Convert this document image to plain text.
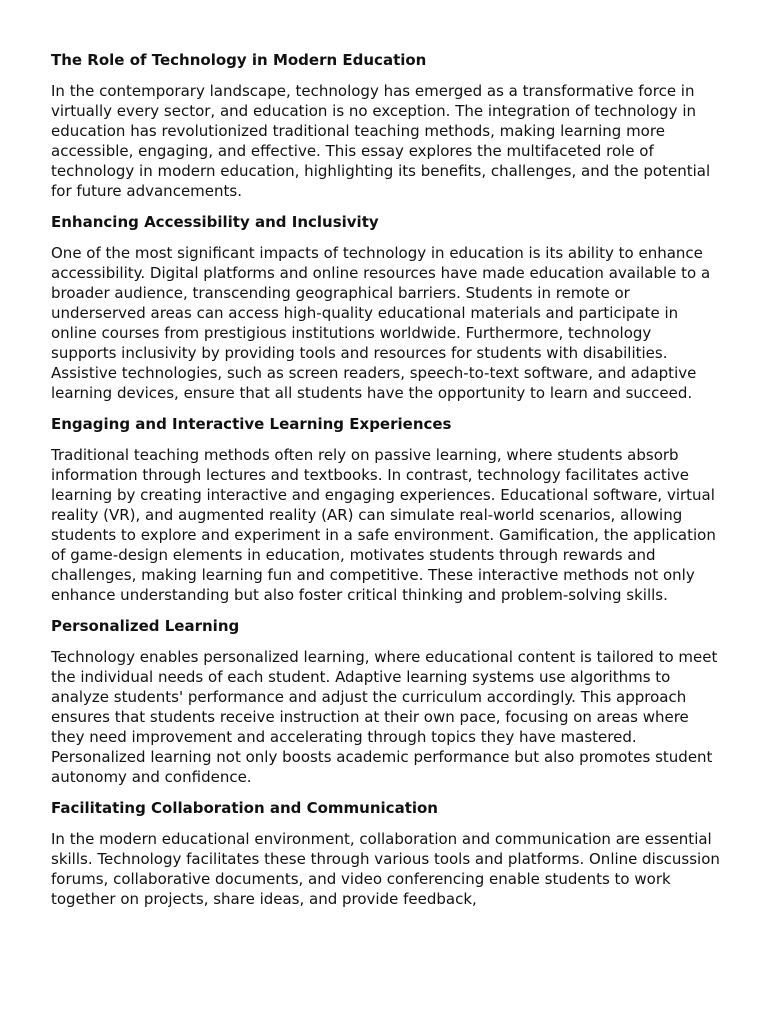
The Role of Technology in Modern Education

In the contemporary landscape, technology has emerged as a transformative force in virtually every sector, and education is no exception. The integration of technology in education has revolutionized traditional teaching methods, making learning more accessible, engaging, and effective. This essay explores the multifaceted role of technology in modern education, highlighting its benefits, challenges, and the potential for future advancements.

Enhancing Accessibility and Inclusivity

One of the most significant impacts of technology in education is its ability to enhance accessibility. Digital platforms and online resources have made education available to a broader audience, transcending geographical barriers. Students in remote or underserved areas can access high-quality educational materials and participate in online courses from prestigious institutions worldwide. Furthermore, technology supports inclusivity by providing tools and resources for students with disabilities. Assistive technologies, such as screen readers, speech-to-text software, and adaptive learning devices, ensure that all students have the opportunity to learn and succeed.

Engaging and Interactive Learning Experiences

Traditional teaching methods often rely on passive learning, where students absorb information through lectures and textbooks. In contrast, technology facilitates active learning by creating interactive and engaging experiences. Educational software, virtual reality (VR), and augmented reality (AR) can simulate real-world scenarios, allowing students to explore and experiment in a safe environment. Gamification, the application of game-design elements in education, motivates students through rewards and challenges, making learning fun and competitive. These interactive methods not only enhance understanding but also foster critical thinking and problem-solving skills.

Personalized Learning

Technology enables personalized learning, where educational content is tailored to meet the individual needs of each student. Adaptive learning systems use algorithms to analyze students' performance and adjust the curriculum accordingly. This approach ensures that students receive instruction at their own pace, focusing on areas where they need improvement and accelerating through topics they have mastered. Personalized learning not only boosts academic performance but also promotes student autonomy and confidence.

Facilitating Collaboration and Communication

In the modern educational environment, collaboration and communication are essential skills. Technology facilitates these through various tools and platforms. Online discussion forums, collaborative documents, and video conferencing enable students to work together on projects, share ideas, and provide feedback,
